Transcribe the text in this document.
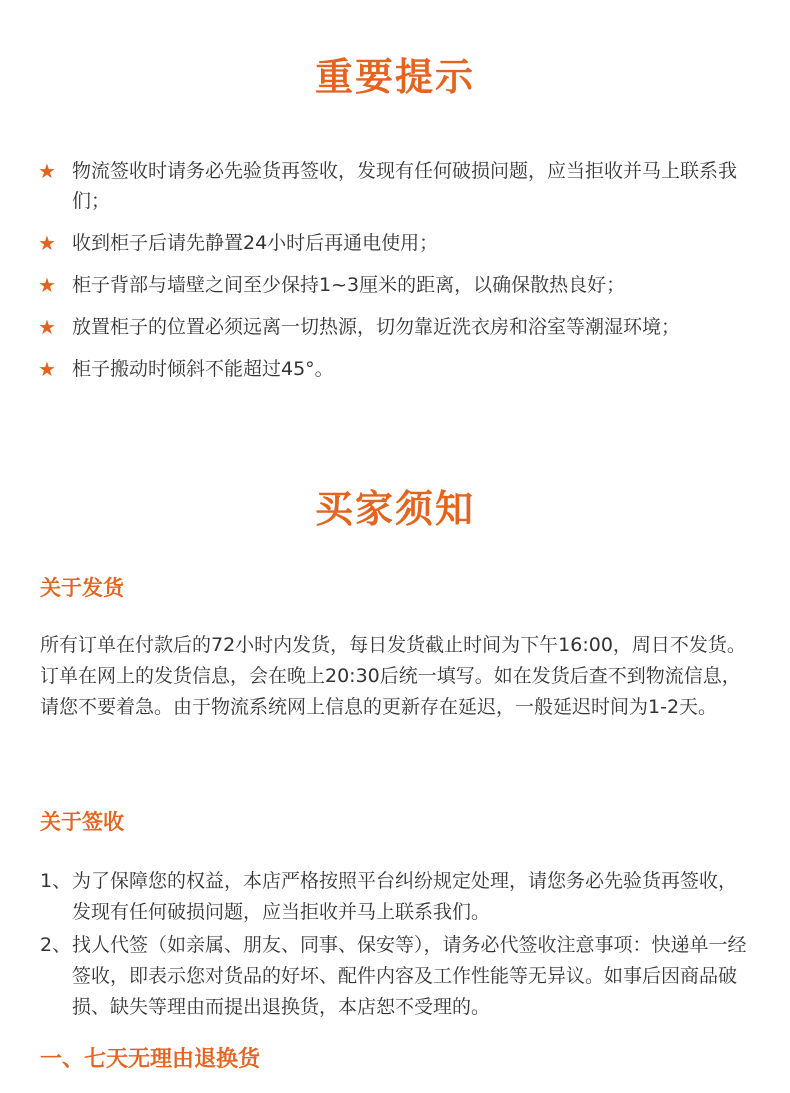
重要提示
★ 物流签收时请务必先验货再签收，发现有任何破损问题，应当拒收并马上联系我们；
★ 收到柜子后请先静置24小时后再通电使用；
★ 柜子背部与墙壁之间至少保持1~3厘米的距离，以确保散热良好；
★ 放置柜子的位置必须远离一切热源，切勿靠近洗衣房和浴室等潮湿环境；
★ 柜子搬动时倾斜不能超过45°。
买家须知
关于发货

所有订单在付款后的72小时内发货，每日发货截止时间为下午16:00，周日不发货。订单在网上的发货信息，会在晚上20:30后统一填写。如在发货后查不到物流信息，请您不要着急。由于物流系统网上信息的更新存在延迟，一般延迟时间为1-2天。

关于签收
1、 为了保障您的权益，本店严格按照平台纠纷规定处理，请您务必先验货再签收，发现有任何破损问题，应当拒收并马上联系我们。
2、 找人代签（如亲属、朋友、同事、保安等），请务必代签收注意事项：快递单一经签收，即表示您对货品的好坏、配件内容及工作性能等无异议。如事后因商品破损、缺失等理由而提出退换货，本店恕不受理的。
一、七天无理由退换货
